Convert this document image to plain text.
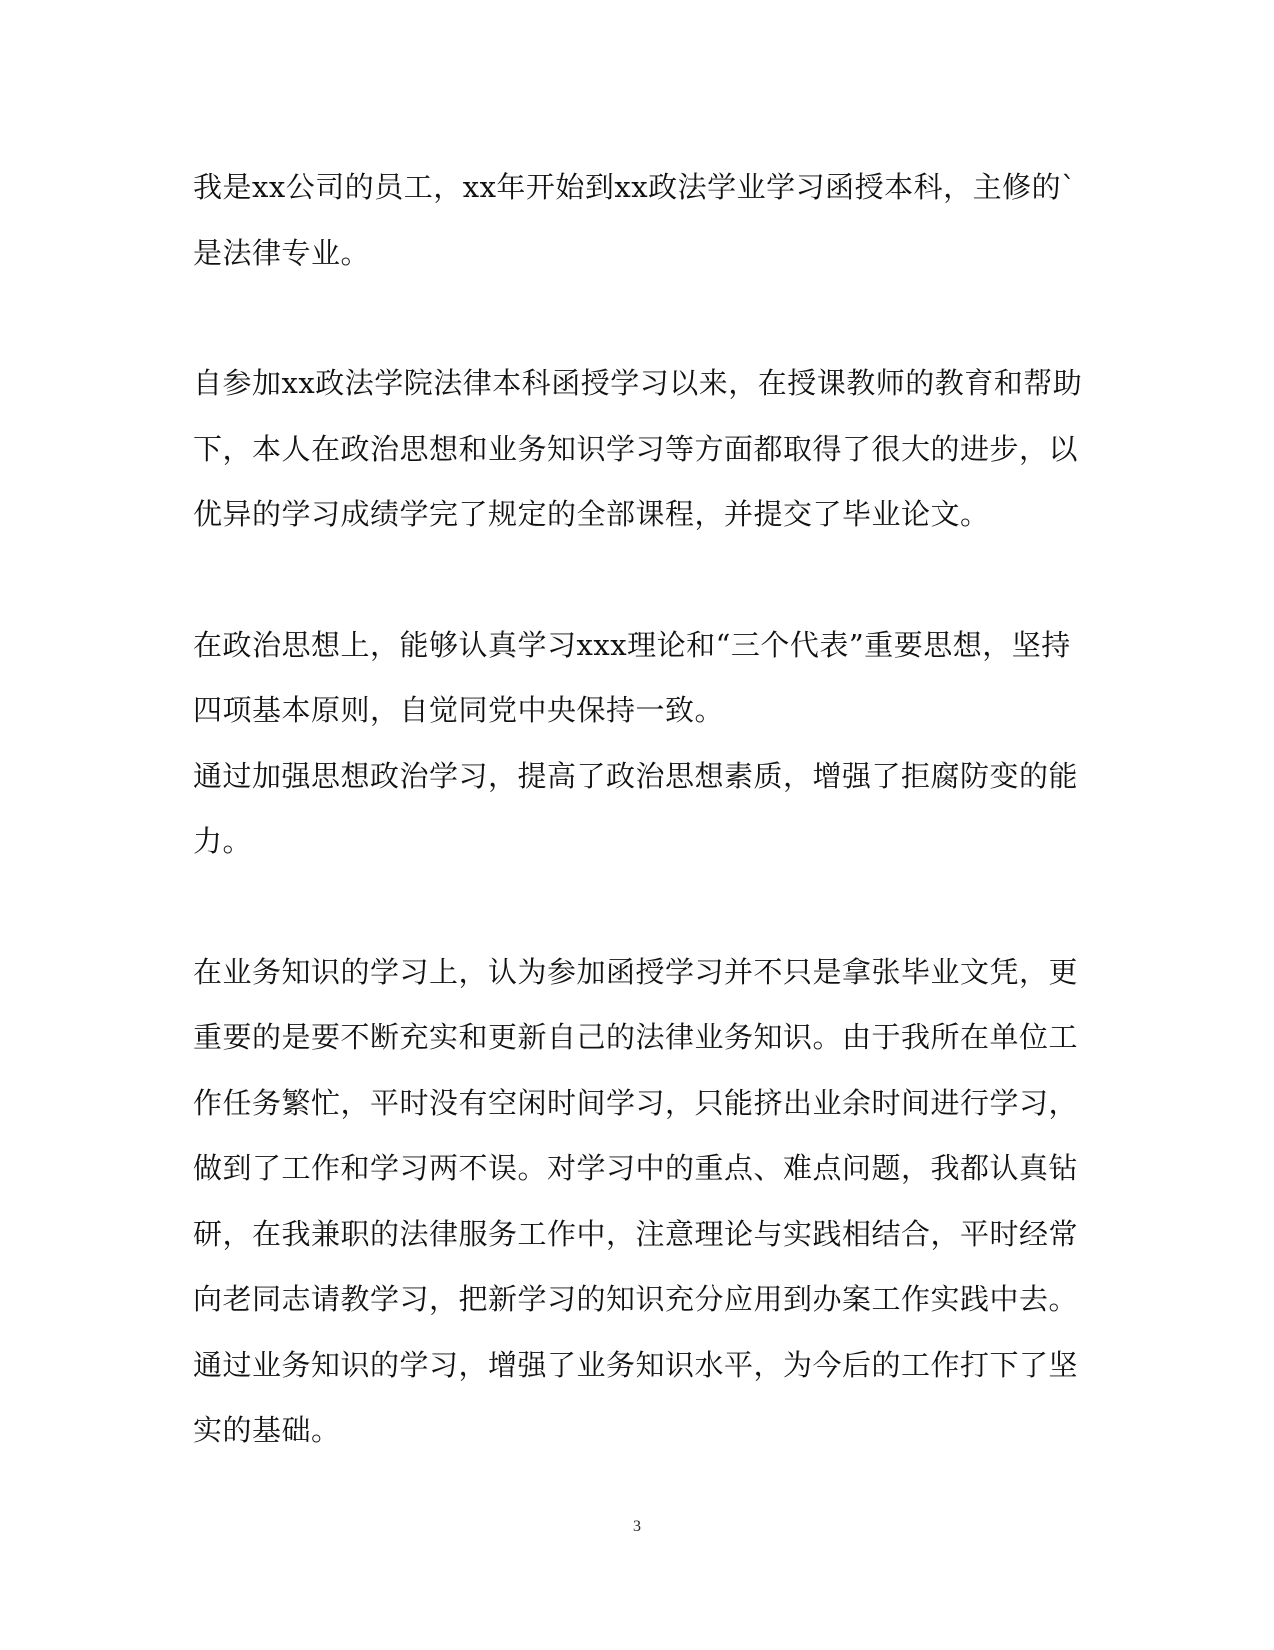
我是xx公司的员工，xx年开始到xx政法学业学习函授本科，主修的`是法律专业。

自参加xx政法学院法律本科函授学习以来，在授课教师的教育和帮助下，本人在政治思想和业务知识学习等方面都取得了很大的进步，以优异的学习成绩学完了规定的全部课程，并提交了毕业论文。

在政治思想上，能够认真学习xxx理论和“三个代表”重要思想，坚持四项基本原则，自觉同党中央保持一致。

通过加强思想政治学习，提高了政治思想素质，增强了拒腐防变的能力。

在业务知识的学习上，认为参加函授学习并不只是拿张毕业文凭，更重要的是要不断充实和更新自己的法律业务知识。由于我所在单位工作任务繁忙，平时没有空闲时间学习，只能挤出业余时间进行学习，做到了工作和学习两不误。对学习中的重点、难点问题，我都认真钻研，在我兼职的法律服务工作中，注意理论与实践相结合，平时经常向老同志请教学习，把新学习的知识充分应用到办案工作实践中去。通过业务知识的学习，增强了业务知识水平，为今后的工作打下了坚实的基础。

3
